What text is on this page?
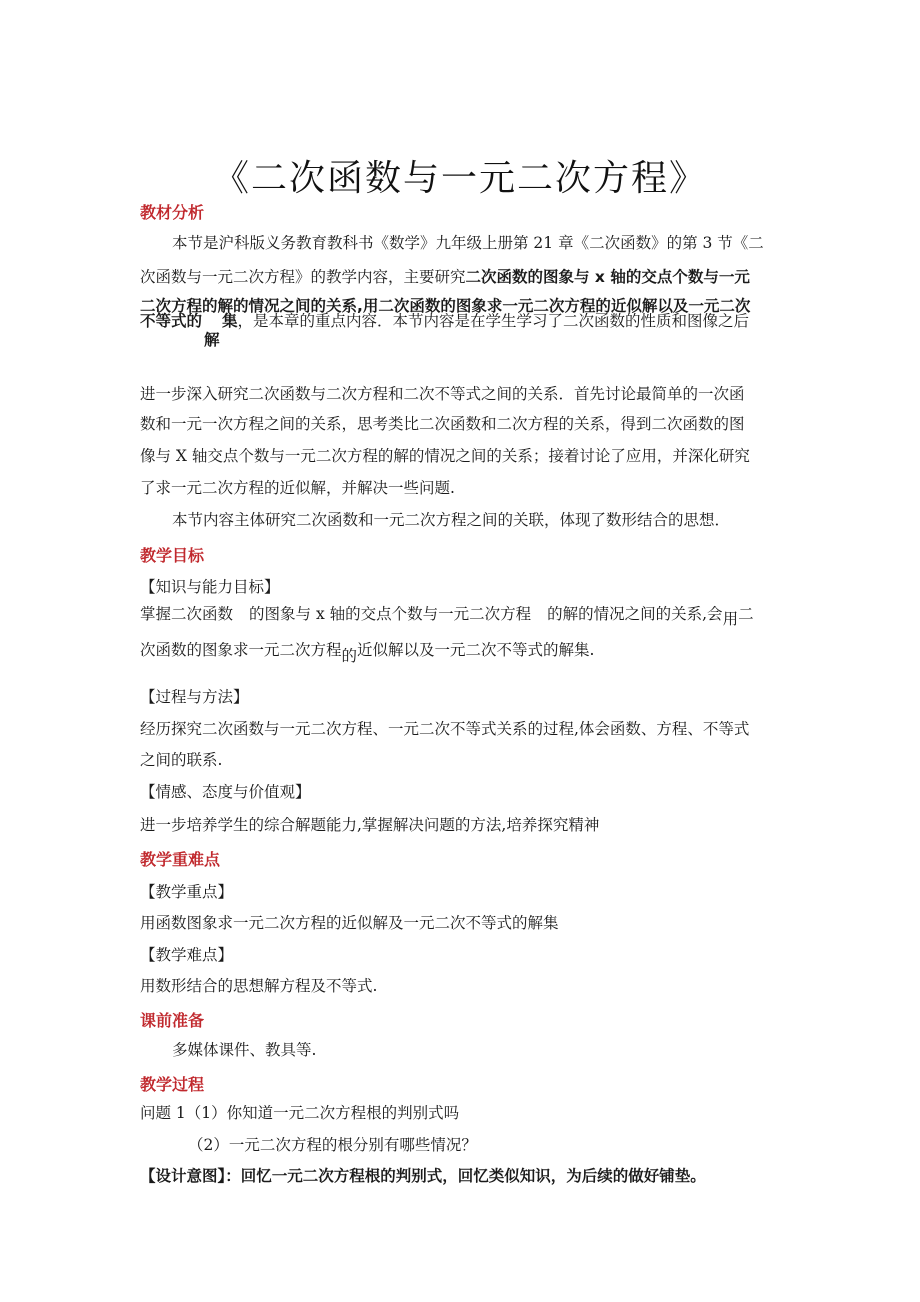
《二次函数与一元二次方程》
教材分析
本节是沪科版义务教育教科书《数学》九年级上册第 21 章《二次函数》的第 3 节《二
次函数与一元二次方程》的教学内容，主要研究二次函数的图象与 x 轴的交点个数与一元
二次方程的解的情况之间的关系,用二次函数的图象求一元二次方程的近似解以及一元二次
不等式的 集，是本章的重点内容．本节内容是在学生学习了二次函数的性质和图像之后
解
进一步深入研究二次函数与二次方程和二次不等式之间的关系．首先讨论最简单的一次函
数和一元一次方程之间的关系，思考类比二次函数和二次方程的关系，得到二次函数的图
像与 X 轴交点个数与一元二次方程的解的情况之间的关系；接着讨论了应用，并深化研究
了求一元二次方程的近似解，并解决一些问题.
本节内容主体研究二次函数和一元二次方程之间的关联，体现了数形结合的思想．
教学目标
【知识与能力目标】
掌握二次函数 的图象与 x 轴的交点个数与一元二次方程 的解的情况之间的关系,会用二
次函数的图象求一元二次方程的近似解以及一元二次不等式的解集.
【过程与方法】
经历探究二次函数与一元二次方程、一元二次不等式关系的过程,体会函数、方程、不等式
之间的联系.
【情感、态度与价值观】
进一步培养学生的综合解题能力,掌握解决问题的方法,培养探究精神
教学重难点
【教学重点】
用函数图象求一元二次方程的近似解及一元二次不等式的解集
【教学难点】
用数形结合的思想解方程及不等式.
课前准备
多媒体课件、教具等.
教学过程
问题 1（1）你知道一元二次方程根的判别式吗
（2）一元二次方程的根分别有哪些情况？
【设计意图】：回忆一元二次方程根的判别式，回忆类似知识，为后续的做好铺垫。
